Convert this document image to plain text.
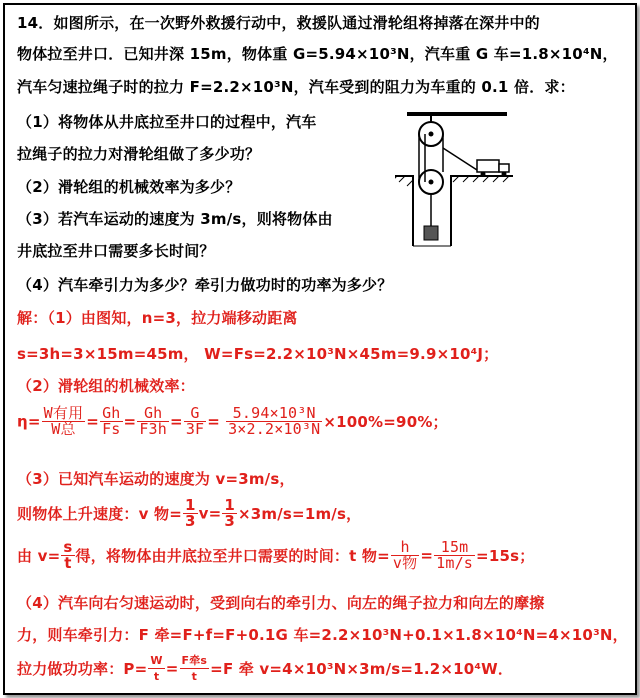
14．如图所示，在一次野外救援行动中，救援队通过滑轮组将掉落在深井中的
物体拉至井口．已知井深 15m，物体重 G=5.94×10³N，汽车重 G 车=1.8×10⁴N，
汽车匀速拉绳子时的拉力 F=2.2×10³N，汽车受到的阻力为车重的 0.1 倍．求：
（1）将物体从井底拉至井口的过程中，汽车
拉绳子的拉力对滑轮组做了多少功？
（2）滑轮组的机械效率为多少？
（3）若汽车运动的速度为 3m/s，则将物体由
井底拉至井口需要多长时间？
（4）汽车牵引力为多少？牵引力做功时的功率为多少？
解：（1）由图知，n=3，拉力端移动距离
s=3h=3×15m=45m， W=Fs=2.2×10³N×45m=9.9×10⁴J；
（2）滑轮组的机械效率：
$\eta= \frac{\text{W有用}}{\text{W总}} = \frac{Gh}{Fs} = \frac{Gh}{F3h} = \frac{G}{3F} = \frac{\text{5.94×10³N}}{\text{3×2.2×10³N}} \times 100\%=90\%$；
（3）已知汽车运动的速度为 v=3m/s，
则物体上升速度：v 物= $\frac{1}{3} v= \frac{1}{3} \times 3m/s=1m/s$，
由 $v= \frac{s}{t}$ 得，将物体由井底拉至井口需要的时间：t 物= $\frac{h}{\text{v物}} = \frac{15m}{1m/s} =15s$；
（4）汽车向右匀速运动时，受到向右的牵引力、向左的绳子拉力和向左的摩擦
力，则车牵引力：F 牵=F+f=F+0.1G 车=2.2×10³N+0.1×1.8×10⁴N=4×10³N，
拉力做功功率：$P= \frac{W}{t} = \frac{\text{F牵s}}{t} =F$ 牵 v=4×10³N×3m/s=1.2×10⁴W．
